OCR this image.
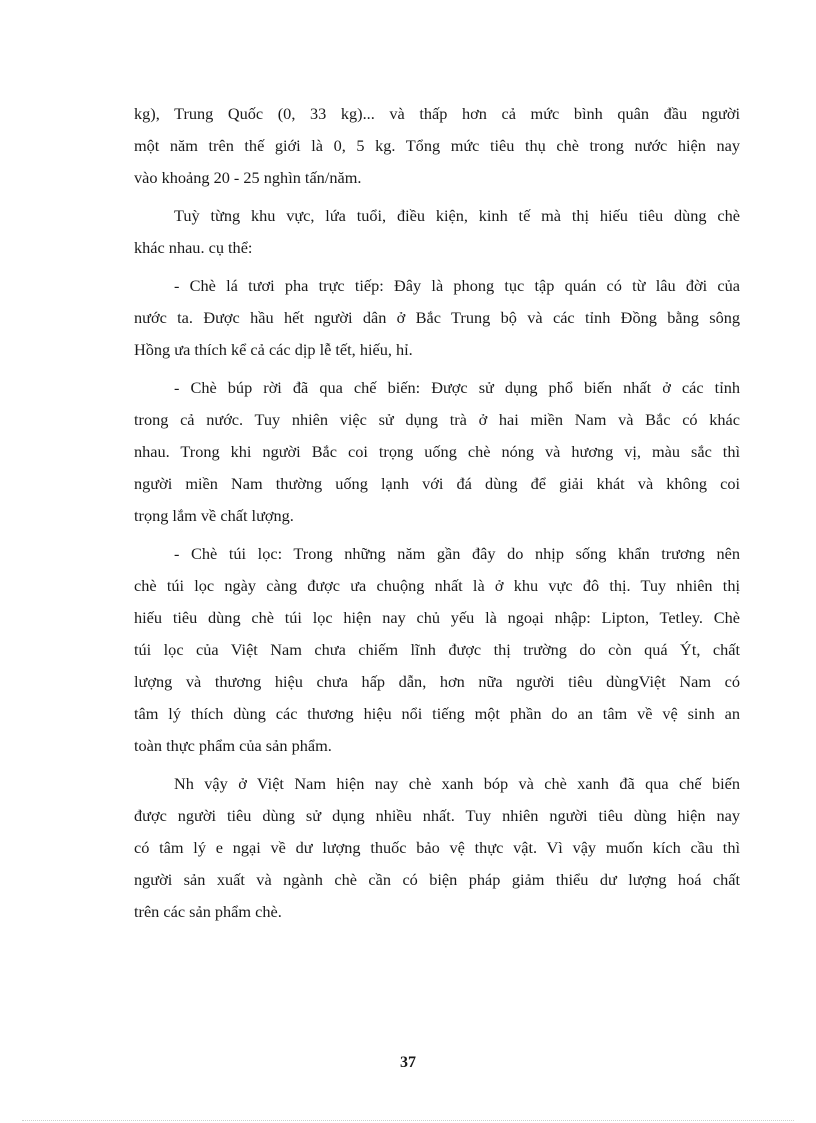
kg), Trung Quốc (0, 33 kg)... và thấp hơn cả mức bình quân đầu người
một năm trên thế giới là 0, 5 kg. Tổng mức tiêu thụ chè trong nước hiện nay
vào khoảng 20 - 25 nghìn tấn/năm.
Tuỳ từng khu vực, lứa tuổi, điều kiện, kinh tế mà thị hiếu tiêu dùng chè
khác nhau. cụ thể:
- Chè lá tươi pha trực tiếp: Đây là phong tục tập quán có từ lâu đời của
nước ta. Được hầu hết người dân ở Bắc Trung bộ và các tỉnh Đồng bằng sông
Hồng ưa thích kể cả các dịp lễ tết, hiếu, hỉ.
- Chè búp rời đã qua chế biến: Được sử dụng phổ biến nhất ở các tỉnh
trong cả nước. Tuy nhiên việc sử dụng trà ở hai miền Nam và Bắc có khác
nhau. Trong khi người Bắc coi trọng uống chè nóng và hương vị, màu sắc thì
người miền Nam thường uống lạnh với đá dùng để giải khát và không coi
trọng lắm về chất lượng.
- Chè túi lọc: Trong những năm gần đây do nhịp sống khẩn trương nên
chè túi lọc ngày càng được ưa chuộng nhất là ở khu vực đô thị. Tuy nhiên thị
hiếu tiêu dùng chè túi lọc hiện nay chủ yếu là ngoại nhập: Lipton, Tetley. Chè
túi lọc của Việt Nam chưa chiếm lĩnh được thị trường do còn quá Ýt, chất
lượng và thương hiệu chưa hấp dẫn, hơn nữa người tiêu dùngViệt Nam có
tâm lý thích dùng các thương hiệu nổi tiếng một phần do an tâm về vệ sinh an
toàn thực phẩm của sản phẩm.
Nh vậy ở Việt Nam hiện nay chè xanh bóp và chè xanh đã qua chế biến
được người tiêu dùng sử dụng nhiều nhất. Tuy nhiên người tiêu dùng hiện nay
có tâm lý e ngại về dư lượng thuốc bảo vệ thực vật. Vì vậy muốn kích cầu thì
người sản xuất và ngành chè cần có biện pháp giảm thiểu dư lượng hoá chất
trên các sản phẩm chè.
37
